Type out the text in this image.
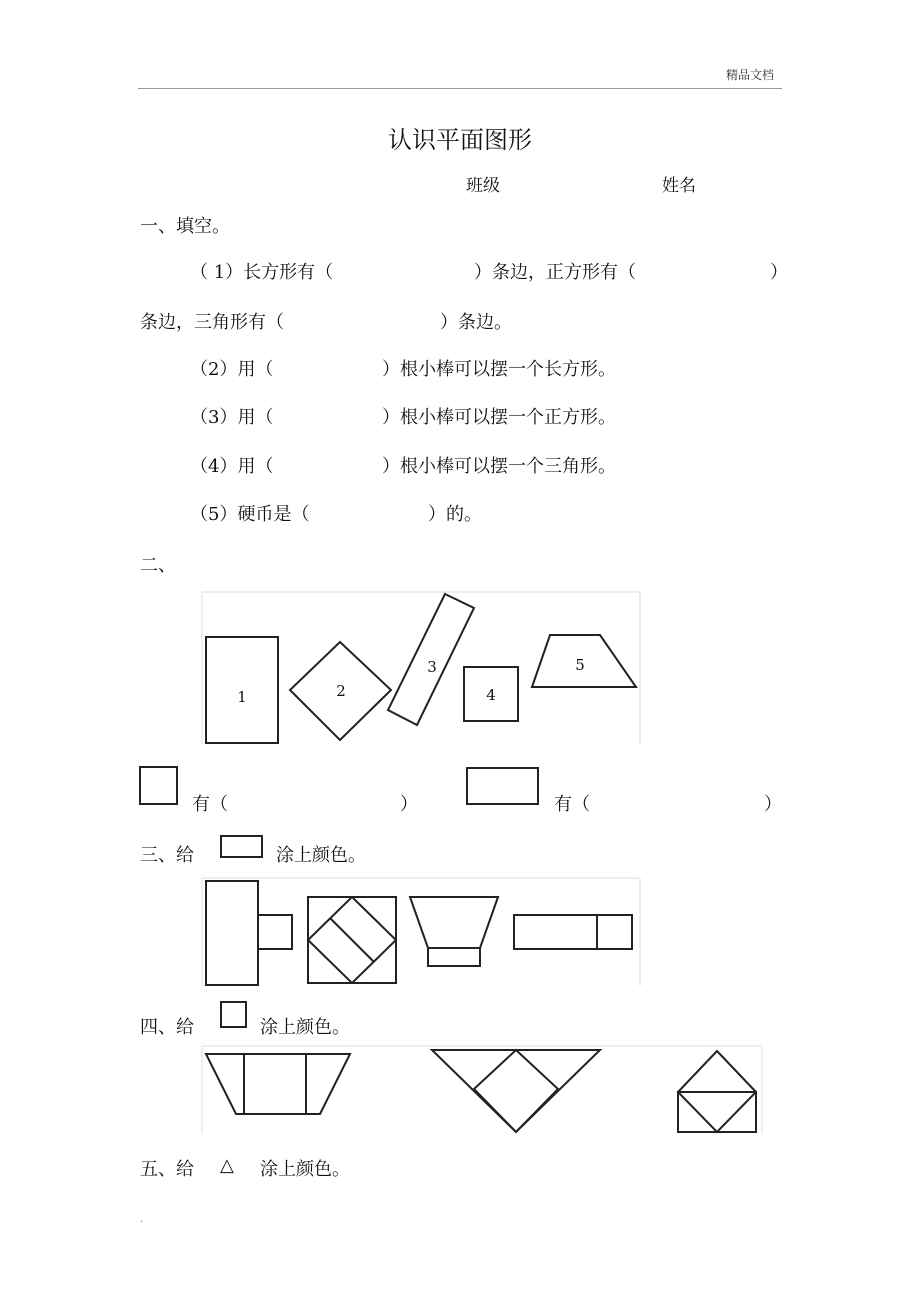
精品文档
认识平面图形
班级	姓名
一、填空。
（ 1）长方形有（	）条边，正方形有（	）
条边，三角形有（	）条边。
（2）用（	）根小棒可以摆一个长方形。
（3）用（	）根小棒可以摆一个正方形。
（4）用（	）根小棒可以摆一个三角形。
（5）硬币是（	）的。
二、
1	2
3
4
5
有（	）	有（	）
三、给	涂上颜色。
四、给	涂上颜色。
五、给 △ 涂上颜色。
.
